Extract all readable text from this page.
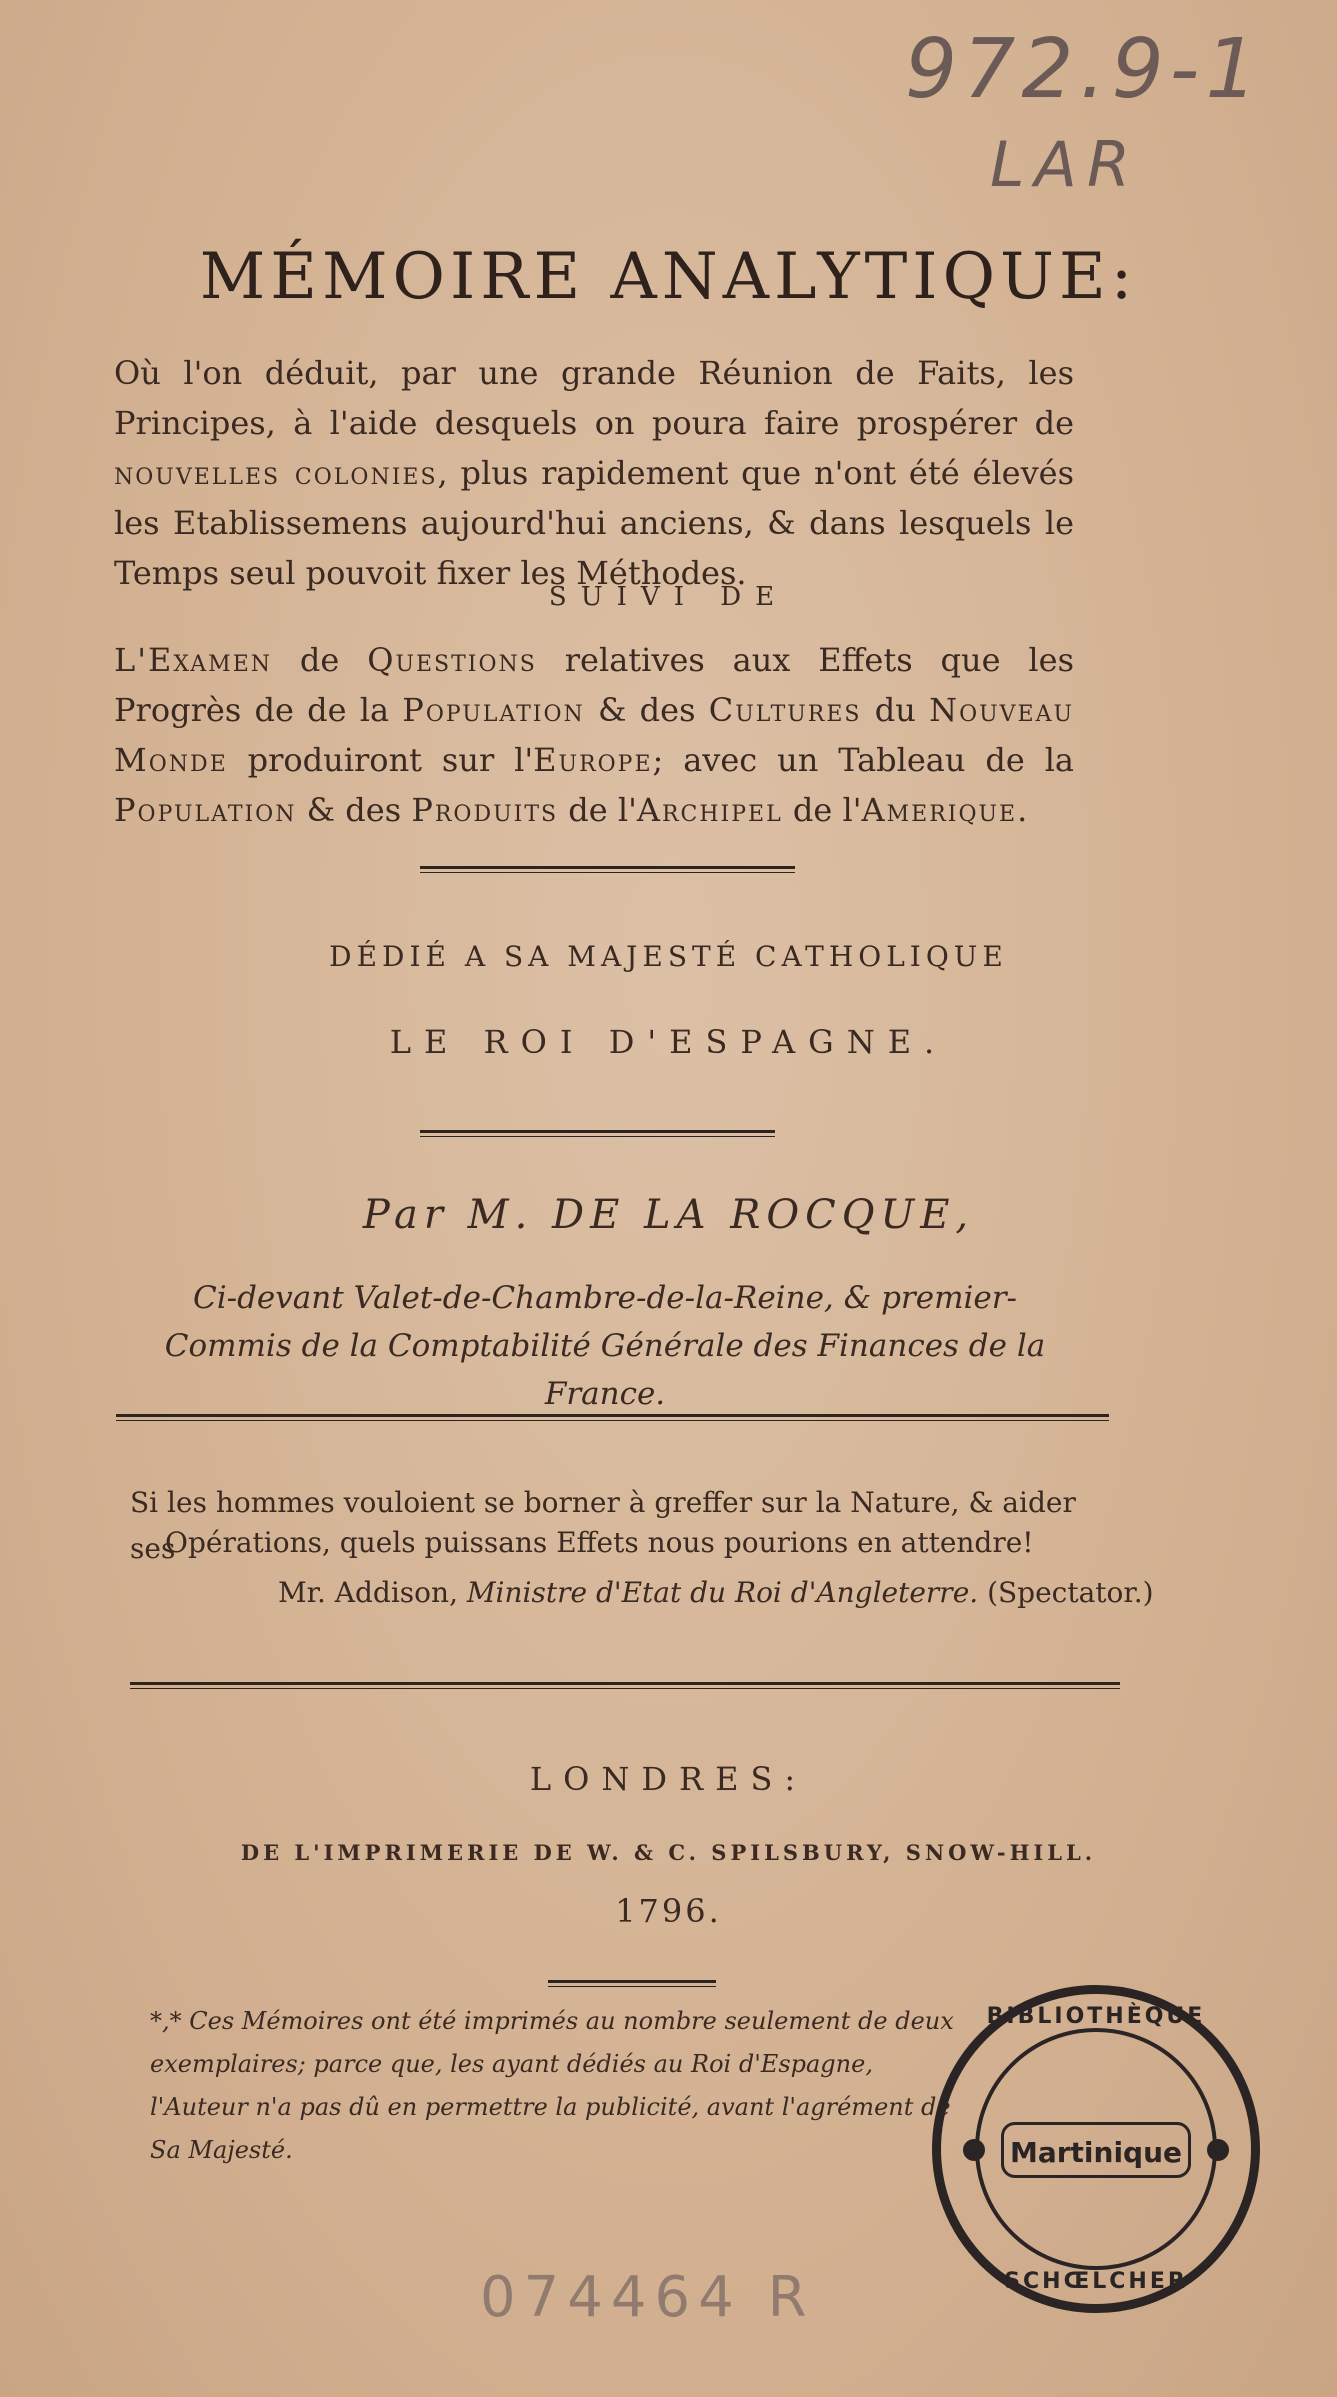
972.9-1
LAR
MÉMOIRE ANALYTIQUE:
Où l'on déduit, par une grande Réunion de Faits, les Principes, à l'aide desquels on poura faire prospérer de nouvelles colonies, plus rapidement que n'ont été élevés les Etablissemens aujourd'hui anciens, & dans lesquels le Temps seul pouvoit fixer les Méthodes.
SUIVI DE
L'Examen de Questions relatives aux Effets que les Progrès de de la Population & des Cultures du Nouveau Monde produiront sur l'Europe; avec un Tableau de la Population & des Produits de l'Archipel de l'Amerique.
DÉDIÉ A SA MAJESTÉ CATHOLIQUE
LE ROI D'ESPAGNE.
Par M. DE LA ROCQUE,
Ci-devant Valet-de-Chambre-de-la-Reine, & premier-Commis de la Comptabilité Générale des Finances de la France.
Si les hommes vouloient se borner à greffer sur la Nature, & aider ses
Opérations, quels puissans Effets nous pourions en attendre!
Mr. Addison, Ministre d'Etat du Roi d'Angleterre. (Spectator.)
LONDRES:
DE L'IMPRIMERIE DE W. & C. SPILSBURY, SNOW-HILL.
1796.
*,* Ces Mémoires ont été imprimés au nombre seulement de deux exemplaires; parce que, les ayant dédiés au Roi d'Espagne, l'Auteur n'a pas dû en permettre la publicité, avant l'agrément de Sa Majesté.
BIBLIOTHÈQUE
Martinique
SCHŒLCHER
074464 R
